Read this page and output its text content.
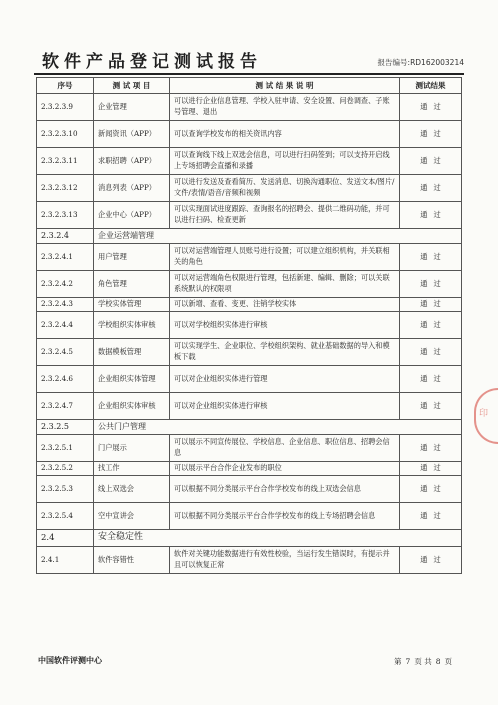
软件产品登记测试报告	报告编号:RD162003214
序号	测 试 项 目	测 试 结 果 说 明	测试结果
2.3.2.3.9	企业管理	可以进行企业信息管理、学校入驻申请、安全设置、问卷调查、子账号管理、退出	通过
2.3.2.3.10	新闻资讯（APP）	可以查询学校发布的相关资讯内容	通过
2.3.2.3.11	求职招聘（APP）	可以查询线下线上双选会信息，可以进行扫码签到；可以支持开启线上专场招聘会直播和录播	通过
2.3.2.3.12	消息列表（APP）	可以进行发送及查看简历、发送消息、切换沟通职位、发送文本/图片/文件/表情/语音/音频和视频	通过
2.3.2.3.13	企业中心（APP）	可以实现面试进度跟踪、查询报名的招聘会、提供二维码功能，并可以进行扫码、检查更新	通过
2.3.2.4	企业运营端管理		
2.3.2.4.1	用户管理	可以对运营端管理人员账号进行设置；可以建立组织机构，并关联相关的角色	通过
2.3.2.4.2	角色管理	可以对运营端角色权限进行管理，包括新建、编辑、删除；可以关联系统默认的权限项	通过
2.3.2.4.3	学校实体管理	可以新增、查看、变更、注销学校实体	通过
2.3.2.4.4	学校组织实体审核	可以对学校组织实体进行审核	通过
2.3.2.4.5	数据模板管理	可以实现学生、企业职位、学校组织架构、就业基础数据的导入和模板下载	通过
2.3.2.4.6	企业组织实体管理	可以对企业组织实体进行管理	通过
2.3.2.4.7	企业组织实体审核	可以对企业组织实体进行审核	通过
2.3.2.5	公共门户管理		
2.3.2.5.1	门户展示	可以展示不同宣传展位、学校信息、企业信息、职位信息、招聘会信息	通过
2.3.2.5.2	找工作	可以展示平台合作企业发布的职位	通过
2.3.2.5.3	线上双选会	可以根据不同分类展示平台合作学校发布的线上双选会信息	通过
2.3.2.5.4	空中宣讲会	可以根据不同分类展示平台合作学校发布的线上专场招聘会信息	通过
2.4	安全稳定性		
2.4.1	软件容错性	软件对关键功能数据进行有效性校验，当运行发生错误时，有提示并且可以恢复正常	通过
印
中国软件评测中心	第 7 页 共 8 页
